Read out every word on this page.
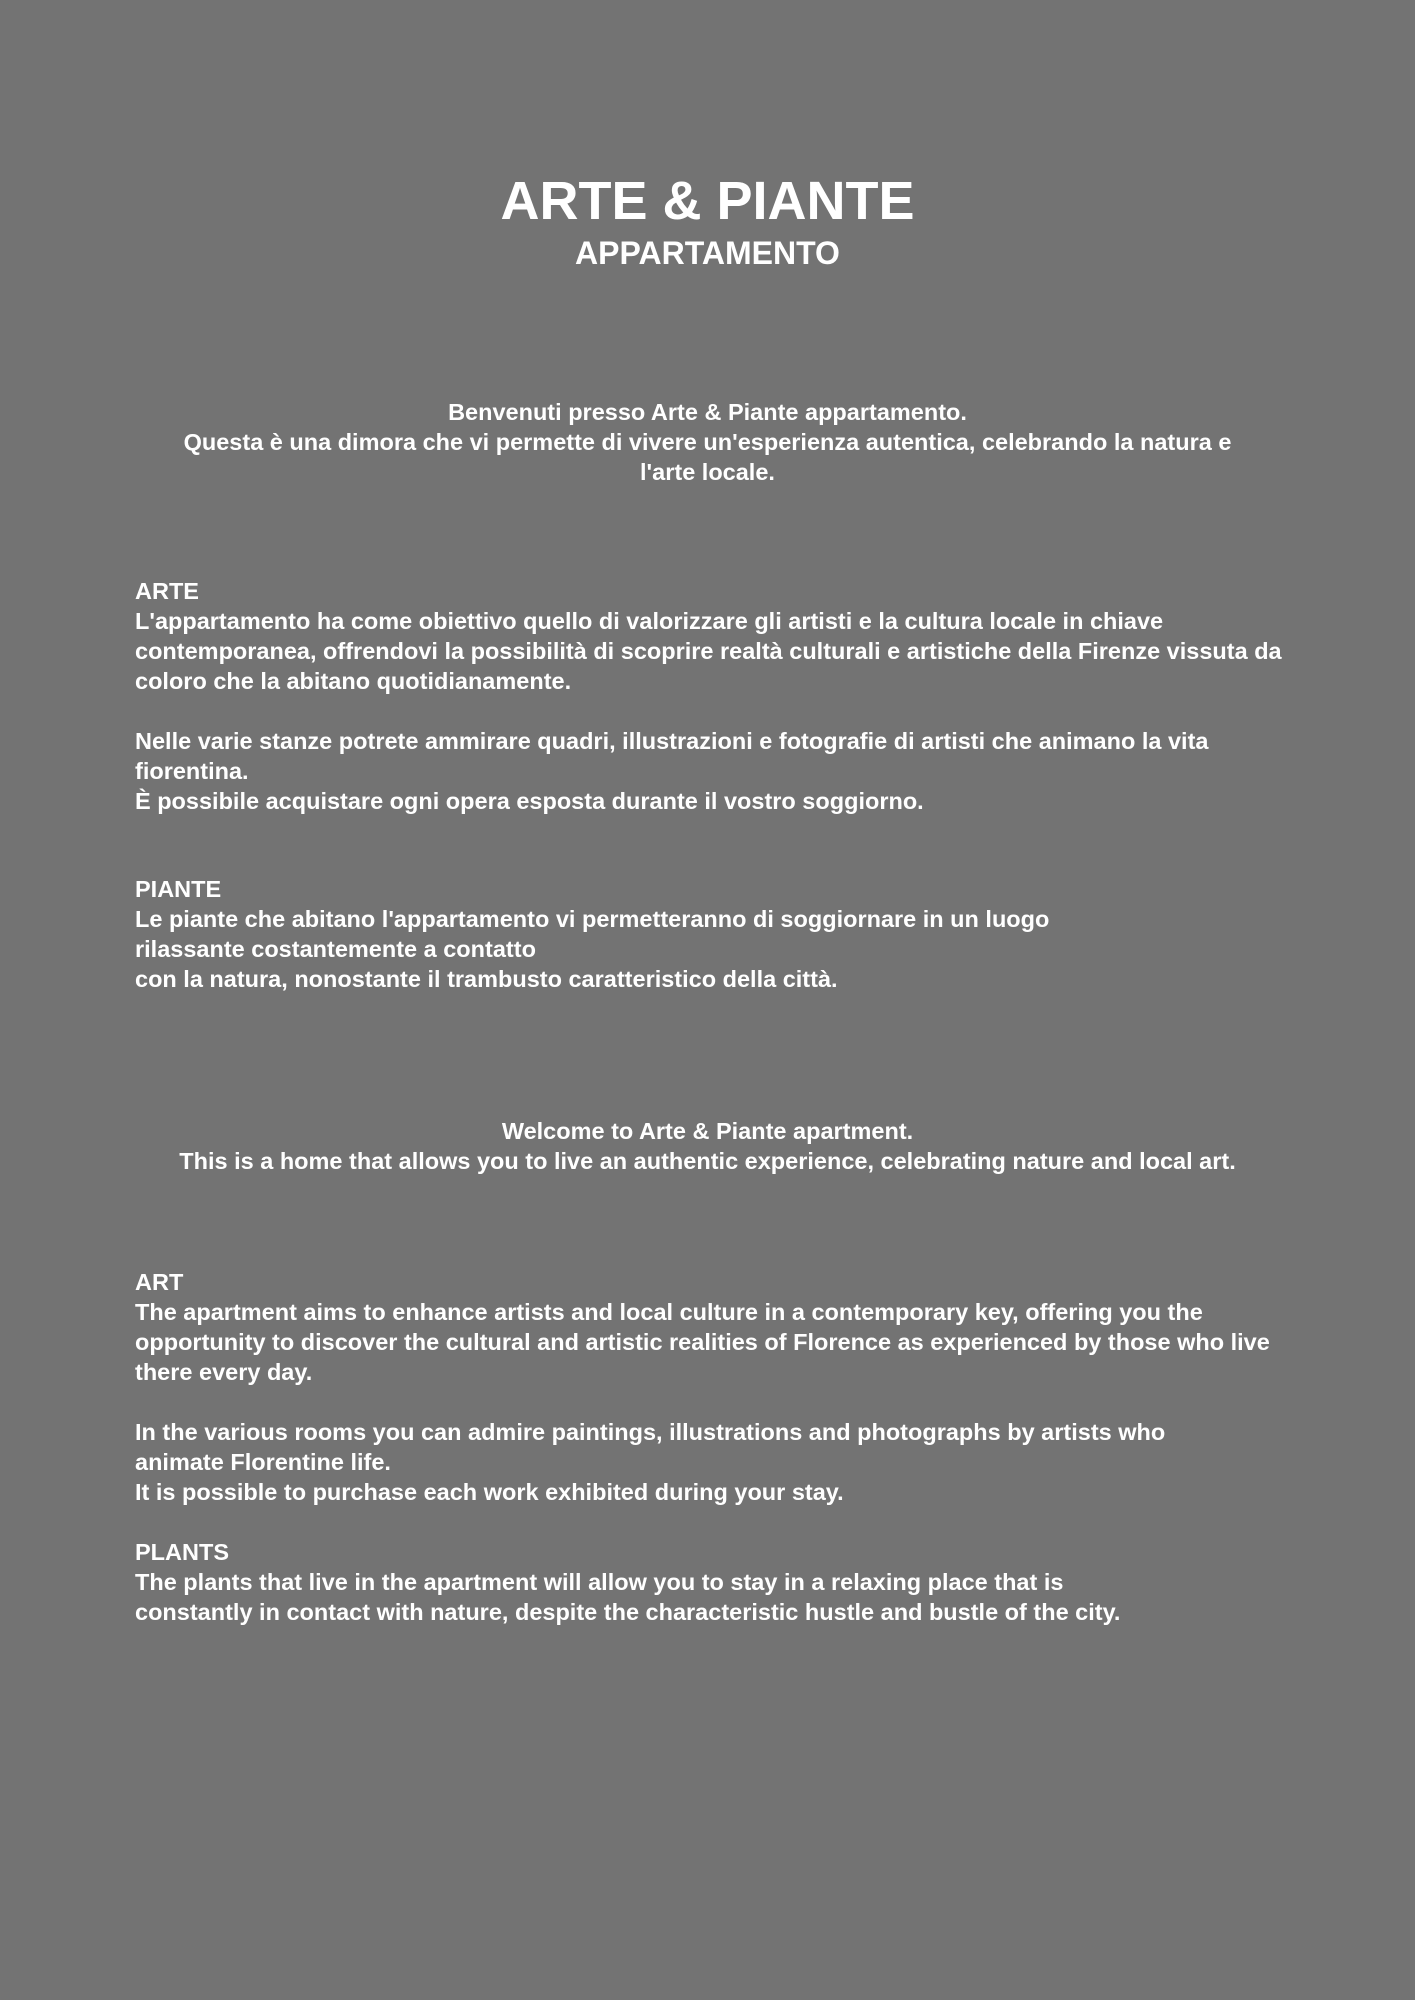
ARTE & PIANTE
APPARTAMENTO

Benvenuti presso Arte & Piante appartamento.

Questa è una dimora che vi permette di vivere un'esperienza autentica, celebrando la natura e l'arte locale.

ARTE

L'appartamento ha come obiettivo quello di valorizzare gli artisti e la cultura locale in chiave contemporanea, offrendovi la possibilità di scoprire realtà culturali e artistiche della Firenze vissuta da coloro che la abitano quotidianamente.

Nelle varie stanze potrete ammirare quadri, illustrazioni e fotografie di artisti che animano la vita fiorentina.

È possibile acquistare ogni opera esposta durante il vostro soggiorno.

PIANTE

Le piante che abitano l'appartamento vi permetteranno di soggiornare in un luogo

rilassante costantemente a contatto

con la natura, nonostante il trambusto caratteristico della città.

Welcome to Arte & Piante apartment.

This is a home that allows you to live an authentic experience, celebrating nature and local art.

ART

The apartment aims to enhance artists and local culture in a contemporary key, offering you the opportunity to discover the cultural and artistic realities of Florence as experienced by those who live there every day.

In the various rooms you can admire paintings, illustrations and photographs by artists who animate Florentine life.

It is possible to purchase each work exhibited during your stay.

PLANTS

The plants that live in the apartment will allow you to stay in a relaxing place that is constantly in contact with nature, despite the characteristic hustle and bustle of the city.
